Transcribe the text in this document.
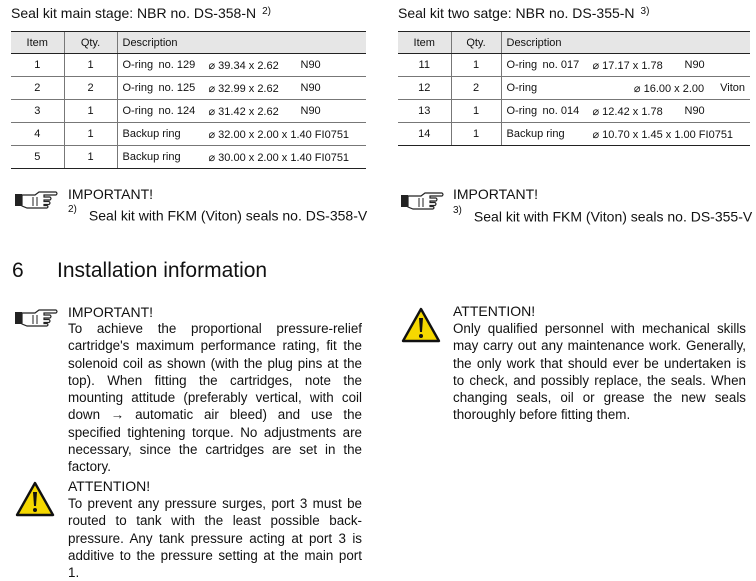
Seal kit main stage: NBR no. DS-358-N $^{2)}$
Item	Qty.	Description
1	1	O-ring no. 129 ⌀ 39.34 x 2.62 N90

2	2	O-ring no. 125 ⌀ 32.99 x 2.62 N90

3	1	O-ring no. 124 ⌀ 31.42 x 2.62 N90

4	1	Backup ring ⌀ 32.00 x 2.00 x 1.40 FI0751

5	1	Backup ring ⌀ 30.00 x 2.00 x 1.40 FI0751
IMPORTANT!
$^{2)}$ Seal kit with FKM (Viton) seals no. DS-358-V
Seal kit two satge: NBR no. DS-355-N $^{3)}$
Item	Qty.	Description
11	1	O-ring no. 017 ⌀ 17.17 x 1.78 N90

12	2	O-ring ⌀ 16.00 x 2.00 Viton

13	1	O-ring no. 014 ⌀ 12.42 x 1.78 N90

14	1	Backup ring ⌀ 10.70 x 1.45 x 1.00 FI0751
IMPORTANT!
$^{3)}$ Seal kit with FKM (Viton) seals no. DS-355-V
6 Installation information
IMPORTANT!
To achieve the proportional pressure-relief cartridge's maximum performance rating, fit the solenoid coil as shown (with the plug pins at the top). When fitting the cartridges, note the mounting attitude (preferably vertical, with coil down → automatic air bleed) and use the specified tightening torque. No adjustments are necessary, since the cartridges are set in the factory.
ATTENTION!
To prevent any pressure surges, port 3 must be routed to tank with the least possible back-pressure. Any tank pressure acting at port 3 is additive to the pressure setting at the main port 1.
ATTENTION!
Only qualified personnel with mechanical skills may carry out any maintenance work. Generally, the only work that should ever be undertaken is to check, and possibly replace, the seals. When changing seals, oil or grease the new seals thoroughly before fitting them.
